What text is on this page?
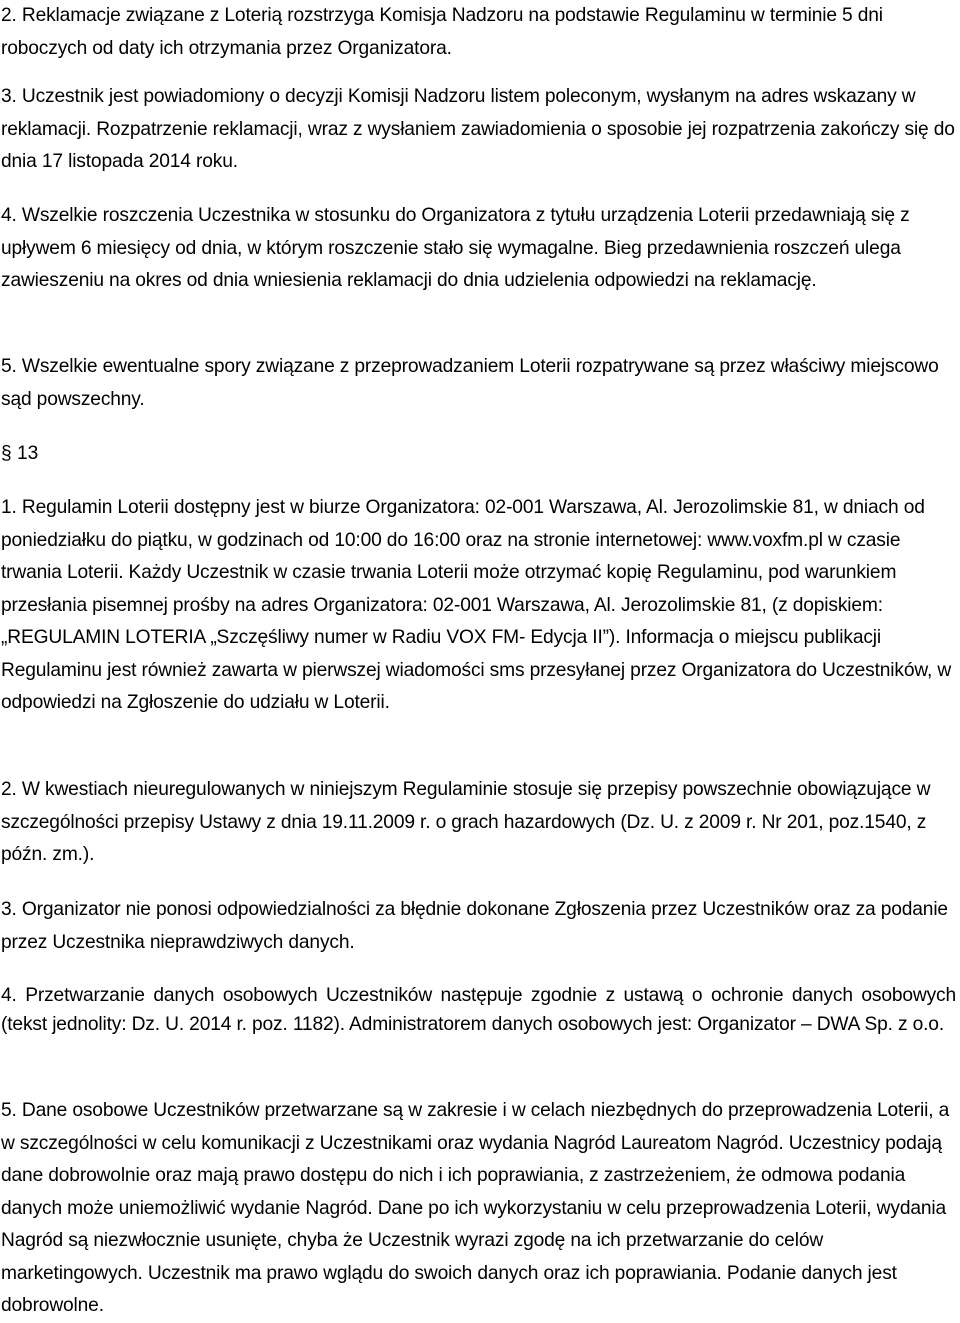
2. Reklamacje związane z Loterią rozstrzyga Komisja Nadzoru na podstawie Regulaminu w terminie 5 dni roboczych od daty ich otrzymania przez Organizatora.

3. Uczestnik jest powiadomiony o decyzji Komisji Nadzoru listem poleconym, wysłanym na adres wskazany w reklamacji. Rozpatrzenie reklamacji, wraz z wysłaniem zawiadomienia o sposobie jej rozpatrzenia zakończy się do dnia 17 listopada 2014 roku.

4. Wszelkie roszczenia Uczestnika w stosunku do Organizatora z tytułu urządzenia Loterii przedawniają się z upływem 6 miesięcy od dnia, w którym roszczenie stało się wymagalne. Bieg przedawnienia roszczeń ulega zawieszeniu na okres od dnia wniesienia reklamacji do dnia udzielenia odpowiedzi na reklamację.

5. Wszelkie ewentualne spory związane z przeprowadzaniem Loterii rozpatrywane są przez właściwy miejscowo sąd powszechny.

§ 13

1. Regulamin Loterii dostępny jest w biurze Organizatora: 02-001 Warszawa, Al. Jerozolimskie 81, w dniach od poniedziałku do piątku, w godzinach od 10:00 do 16:00 oraz na stronie internetowej: www.voxfm.pl w czasie trwania Loterii. Każdy Uczestnik w czasie trwania Loterii może otrzymać kopię Regulaminu, pod warunkiem przesłania pisemnej prośby na adres Organizatora: 02-001 Warszawa, Al. Jerozolimskie 81, (z dopiskiem: „REGULAMIN LOTERIA „Szczęśliwy numer w Radiu VOX FM- Edycja II”). Informacja o miejscu publikacji Regulaminu jest również zawarta w pierwszej wiadomości sms przesyłanej przez Organizatora do Uczestników, w odpowiedzi na Zgłoszenie do udziału w Loterii.

2. W kwestiach nieuregulowanych w niniejszym Regulaminie stosuje się przepisy powszechnie obowiązujące w szczególności przepisy Ustawy z dnia 19.11.2009 r. o grach hazardowych (Dz. U. z 2009 r. Nr 201, poz.1540, z późn. zm.).

3. Organizator nie ponosi odpowiedzialności za błędnie dokonane Zgłoszenia przez Uczestników oraz za podanie przez Uczestnika nieprawdziwych danych.

4. Przetwarzanie danych osobowych Uczestników następuje zgodnie z ustawą o ochronie danych osobowych (tekst jednolity: Dz. U. 2014 r. poz. 1182). Administratorem danych osobowych jest: Organizator – DWA Sp. z o.o.

5. Dane osobowe Uczestników przetwarzane są w zakresie i w celach niezbędnych do przeprowadzenia Loterii, a w szczególności w celu komunikacji z Uczestnikami oraz wydania Nagród Laureatom Nagród. Uczestnicy podają dane dobrowolnie oraz mają prawo dostępu do nich i ich poprawiania, z zastrzeżeniem, że odmowa podania danych może uniemożliwić wydanie Nagród. Dane po ich wykorzystaniu w celu przeprowadzenia Loterii, wydania Nagród są niezwłocznie usunięte, chyba że Uczestnik wyrazi zgodę na ich przetwarzanie do celów marketingowych. Uczestnik ma prawo wglądu do swoich danych oraz ich poprawiania. Podanie danych jest dobrowolne.
